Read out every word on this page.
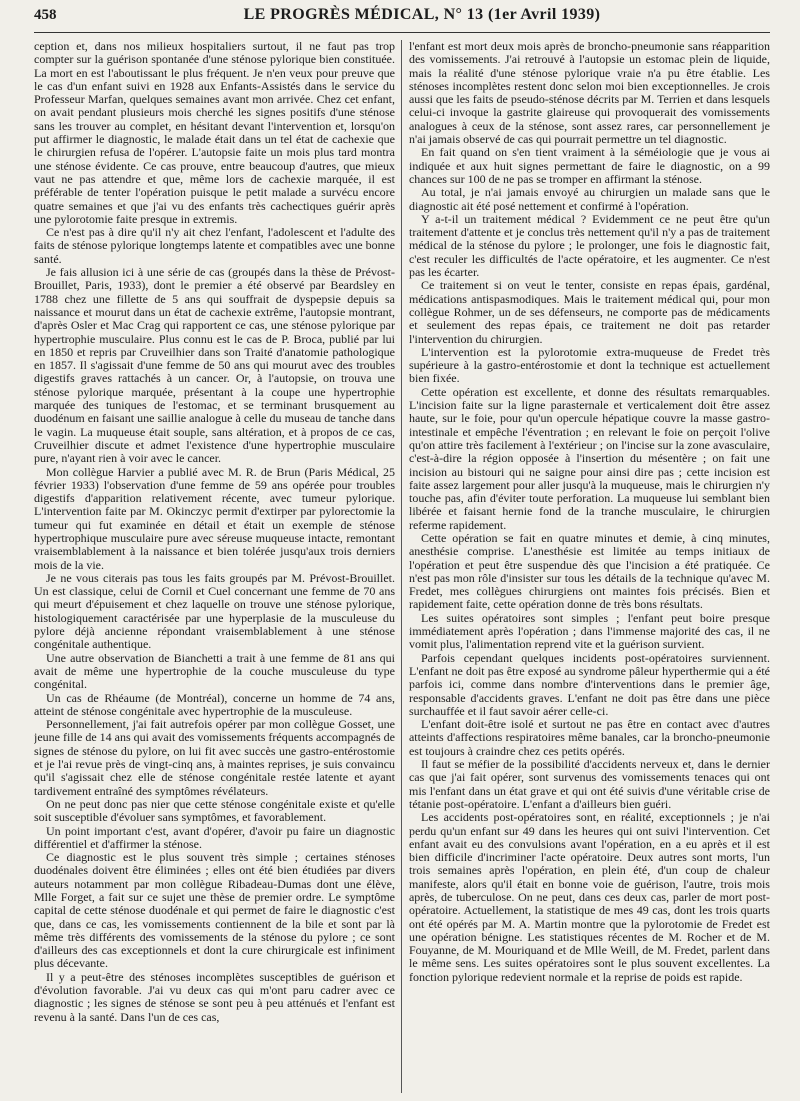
458	LE PROGRÈS MÉDICAL, N° 13 (1er Avril 1939)

ception et, dans nos milieux hospitaliers surtout, il ne faut pas trop compter sur la guérison spontanée d'une sténose pylorique bien constituée. La mort en est l'aboutissant le plus fréquent. Je n'en veux pour preuve que le cas d'un enfant suivi en 1928 aux Enfants-Assistés dans le service du Professeur Marfan, quelques semaines avant mon arrivée. Chez cet enfant, on avait pendant plusieurs mois cherché les signes positifs d'une sténose sans les trouver au complet, en hésitant devant l'intervention et, lorsqu'on put affirmer le diagnostic, le malade était dans un tel état de cachexie que le chirurgien refusa de l'opérer. L'autopsie faite un mois plus tard montra une sténose évidente. Ce cas prouve, entre beaucoup d'autres, que mieux vaut ne pas attendre et que, même lors de cachexie marquée, il est préférable de tenter l'opération puisque le petit malade a survécu encore quatre semaines et que j'ai vu des enfants très cachectiques guérir après une pylorotomie faite presque in extremis.

Ce n'est pas à dire qu'il n'y ait chez l'enfant, l'adolescent et l'adulte des faits de sténose pylorique longtemps latente et compatibles avec une bonne santé.

Je fais allusion ici à une série de cas (groupés dans la thèse de Prévost-Brouillet, Paris, 1933), dont le premier a été observé par Beardsley en 1788 chez une fillette de 5 ans qui souffrait de dyspepsie depuis sa naissance et mourut dans un état de cachexie extrême, l'autopsie montrant, d'après Osler et Mac Crag qui rapportent ce cas, une sténose pylorique par hypertrophie musculaire. Plus connu est le cas de P. Broca, publié par lui en 1850 et repris par Cruveilhier dans son Traité d'anatomie pathologique en 1857. Il s'agissait d'une femme de 50 ans qui mourut avec des troubles digestifs graves rattachés à un cancer. Or, à l'autopsie, on trouva une sténose pylorique marquée, présentant à la coupe une hypertrophie marquée des tuniques de l'estomac, et se terminant brusquement au duodénum en faisant une saillie analogue à celle du museau de tanche dans le vagin. La muqueuse était souple, sans altération, et à propos de ce cas, Cruveilhier discute et admet l'existence d'une hypertrophie musculaire pure, n'ayant rien à voir avec le cancer.

Mon collègue Harvier a publié avec M. R. de Brun (Paris Médical, 25 février 1933) l'observation d'une femme de 59 ans opérée pour troubles digestifs d'apparition relativement récente, avec tumeur pylorique. L'intervention faite par M. Okinczyc permit d'extirper par pylorectomie la tumeur qui fut examinée en détail et était un exemple de sténose hypertrophique musculaire pure avec séreuse muqueuse intacte, remontant vraisemblablement à la naissance et bien tolérée jusqu'aux trois derniers mois de la vie.

Je ne vous citerais pas tous les faits groupés par M. Prévost-Brouillet. Un est classique, celui de Cornil et Cuel concernant une femme de 70 ans qui meurt d'épuisement et chez laquelle on trouve une sténose pylorique, histologiquement caractérisée par une hyperplasie de la musculeuse du pylore déjà ancienne répondant vraisemblablement à une sténose congénitale authentique.

Une autre observation de Bianchetti a trait à une femme de 81 ans qui avait de même une hypertrophie de la couche musculeuse du type congénital.

Un cas de Rhéaume (de Montréal), concerne un homme de 74 ans, atteint de sténose congénitale avec hypertrophie de la musculeuse.

Personnellement, j'ai fait autrefois opérer par mon collègue Gosset, une jeune fille de 14 ans qui avait des vomissements fréquents accompagnés de signes de sténose du pylore, on lui fit avec succès une gastro-entérostomie et je l'ai revue près de vingt-cinq ans, à maintes reprises, je suis convaincu qu'il s'agissait chez elle de sténose congénitale restée latente et ayant tardivement entraîné des symptômes révélateurs.

On ne peut donc pas nier que cette sténose congénitale existe et qu'elle soit susceptible d'évoluer sans symptômes, et favorablement.

Un point important c'est, avant d'opérer, d'avoir pu faire un diagnostic différentiel et d'affirmer la sténose.

Ce diagnostic est le plus souvent très simple ; certaines sténoses duodénales doivent être éliminées ; elles ont été bien étudiées par divers auteurs notamment par mon collègue Ribadeau-Dumas dont une élève, Mlle Forget, a fait sur ce sujet une thèse de premier ordre. Le symptôme capital de cette sténose duodénale et qui permet de faire le diagnostic c'est que, dans ce cas, les vomissements contiennent de la bile et sont par là même très différents des vomissements de la sténose du pylore ; ce sont d'ailleurs des cas exceptionnels et dont la cure chirurgicale est infiniment plus décevante.

Il y a peut-être des sténoses incomplètes susceptibles de guérison et d'évolution favorable. J'ai vu deux cas qui m'ont paru cadrer avec ce diagnostic ; les signes de sténose se sont peu à peu atténués et l'enfant est revenu à la santé. Dans l'un de ces cas,

l'enfant est mort deux mois après de broncho-pneumonie sans réapparition des vomissements. J'ai retrouvé à l'autopsie un estomac plein de liquide, mais la réalité d'une sténose pylorique vraie n'a pu être établie. Les sténoses incomplètes restent donc selon moi bien exceptionnelles. Je crois aussi que les faits de pseudo-sténose décrits par M. Terrien et dans lesquels celui-ci invoque la gastrite glaireuse qui provoquerait des vomissements analogues à ceux de la sténose, sont assez rares, car personnellement je n'ai jamais observé de cas qui pourrait permettre un tel diagnostic.

En fait quand on s'en tient vraiment à la séméiologie que je vous ai indiquée et aux huit signes permettant de faire le diagnostic, on a 99 chances sur 100 de ne pas se tromper en affirmant la sténose.

Au total, je n'ai jamais envoyé au chirurgien un malade sans que le diagnostic ait été posé nettement et confirmé à l'opération.

Y a-t-il un traitement médical ? Evidemment ce ne peut être qu'un traitement d'attente et je conclus très nettement qu'il n'y a pas de traitement médical de la sténose du pylore ; le prolonger, une fois le diagnostic fait, c'est reculer les difficultés de l'acte opératoire, et les augmenter. Ce n'est pas les écarter.

Ce traitement si on veut le tenter, consiste en repas épais, gardénal, médications antispasmodiques. Mais le traitement médical qui, pour mon collègue Rohmer, un de ses défenseurs, ne comporte pas de médicaments et seulement des repas épais, ce traitement ne doit pas retarder l'intervention du chirurgien.

L'intervention est la pylorotomie extra-muqueuse de Fredet très supérieure à la gastro-entérostomie et dont la technique est actuellement bien fixée.

Cette opération est excellente, et donne des résultats remarquables. L'incision faite sur la ligne parasternale et verticalement doit être assez haute, sur le foie, pour qu'un opercule hépatique couvre la masse gastro-intestinale et empêche l'éventration ; en relevant le foie on perçoit l'olive qu'on attire très facilement à l'extérieur ; on l'incise sur la zone avasculaire, c'est-à-dire la région opposée à l'insertion du mésentère ; on fait une incision au bistouri qui ne saigne pour ainsi dire pas ; cette incision est faite assez largement pour aller jusqu'à la muqueuse, mais le chirurgien n'y touche pas, afin d'éviter toute perforation. La muqueuse lui semblant bien libérée et faisant hernie fond de la tranche musculaire, le chirurgien referme rapidement.

Cette opération se fait en quatre minutes et demie, à cinq minutes, anesthésie comprise. L'anesthésie est limitée au temps initiaux de l'opération et peut être suspendue dès que l'incision a été pratiquée. Ce n'est pas mon rôle d'insister sur tous les détails de la technique qu'avec M. Fredet, mes collègues chirurgiens ont maintes fois précisés. Bien et rapidement faite, cette opération donne de très bons résultats.

Les suites opératoires sont simples ; l'enfant peut boire presque immédiatement après l'opération ; dans l'immense majorité des cas, il ne vomit plus, l'alimentation reprend vite et la guérison survient.

Parfois cependant quelques incidents post-opératoires surviennent. L'enfant ne doit pas être exposé au syndrome pâleur hyperthermie qui a été parfois ici, comme dans nombre d'interventions dans le premier âge, responsable d'accidents graves. L'enfant ne doit pas être dans une pièce surchauffée et il faut savoir aérer celle-ci.

L'enfant doit-être isolé et surtout ne pas être en contact avec d'autres atteints d'affections respiratoires même banales, car la broncho-pneumonie est toujours à craindre chez ces petits opérés.

Il faut se méfier de la possibilité d'accidents nerveux et, dans le dernier cas que j'ai fait opérer, sont survenus des vomissements tenaces qui ont mis l'enfant dans un état grave et qui ont été suivis d'une véritable crise de tétanie post-opératoire. L'enfant a d'ailleurs bien guéri.

Les accidents post-opératoires sont, en réalité, exceptionnels ; je n'ai perdu qu'un enfant sur 49 dans les heures qui ont suivi l'intervention. Cet enfant avait eu des convulsions avant l'opération, en a eu après et il est bien difficile d'incriminer l'acte opératoire. Deux autres sont morts, l'un trois semaines après l'opération, en plein été, d'un coup de chaleur manifeste, alors qu'il était en bonne voie de guérison, l'autre, trois mois après, de tuberculose. On ne peut, dans ces deux cas, parler de mort post-opératoire. Actuellement, la statistique de mes 49 cas, dont les trois quarts ont été opérés par M. A. Martin montre que la pylorotomie de Fredet est une opération bénigne. Les statistiques récentes de M. Rocher et de M. Fouyanne, de M. Mouriquand et de Mlle Weill, de M. Fredet, parlent dans le même sens. Les suites opératoires sont le plus souvent excellentes. La fonction pylorique redevient normale et la reprise de poids est rapide.
